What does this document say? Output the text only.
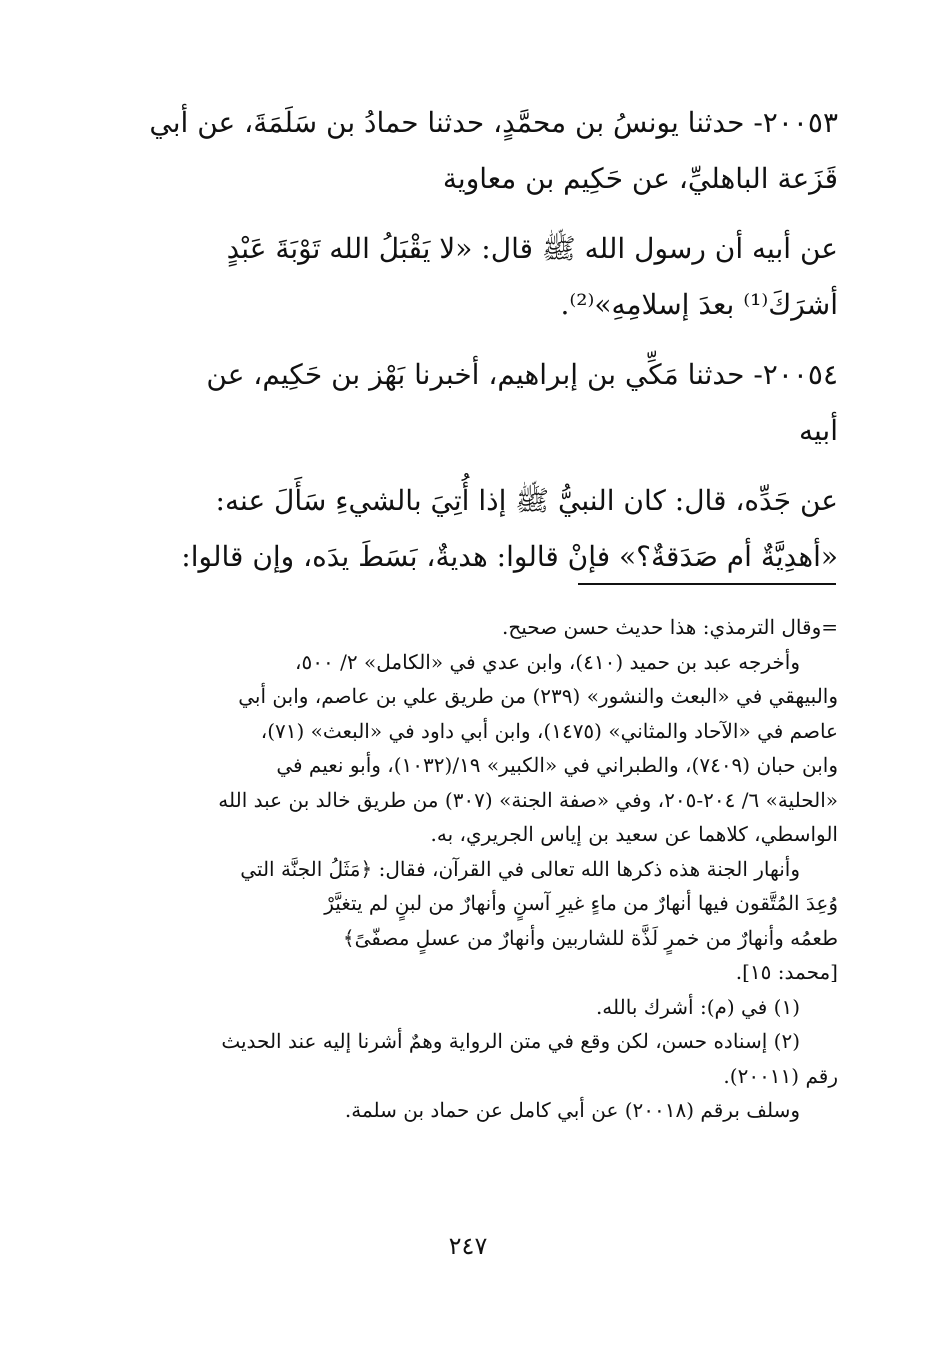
٢٠٠٥٣- حدثنا يونسُ بن محمَّدٍ، حدثنا حمادُ بن سَلَمَةَ، عن أبي

قَزَعة الباهليِّ، عن حَكِيم بن معاوية

عن أبيه أن رسول الله ﷺ قال: «لا يَقْبَلُ الله تَوْبَةَ عَبْدٍ

أشرَكَ⁽¹⁾ بعدَ إسلامِهِ»⁽²⁾.

٢٠٠٥٤- حدثنا مَكِّي بن إبراهيم، أخبرنا بَهْز بن حَكِيم، عن

أبيه

عن جَدِّه، قال: كان النبيُّ ﷺ إذا أُتِيَ بالشيءِ سَأَلَ عنه:

«أهدِيَّةٌ أم صَدَقةٌ؟» فإنْ قالوا: هديةٌ، بَسَطَ يدَه، وإن قالوا:

=وقال الترمذي: هذا حديث حسن صحيح.

وأخرجه عبد بن حميد (٤١٠)، وابن عدي في «الكامل» ٢/ ٥٠٠،

والبيهقي في «البعث والنشور» (٢٣٩) من طريق علي بن عاصم، وابن أبي

عاصم في «الآحاد والمثاني» (١٤٧٥)، وابن أبي داود في «البعث» (٧١)،

وابن حبان (٧٤٠٩)، والطبراني في «الكبير» ١٩/(١٠٣٢)، وأبو نعيم في

«الحلية» ٦/ ٢٠٤-٢٠٥، وفي «صفة الجنة» (٣٠٧) من طريق خالد بن عبد الله

الواسطي، كلاهما عن سعيد بن إياس الجريري، به.

وأنهار الجنة هذه ذكرها الله تعالى في القرآن، فقال: ﴿مَثَلُ الجنَّة التي

وُعِدَ المُتَّقون فيها أنهارٌ من ماءٍ غيرِ آسنٍ وأنهارٌ من لبنٍ لم يتغيَّرْ

طعمُه وأنهارٌ من خمرٍ لَذَّة للشاربين وأنهارٌ من عسلٍ مصفّىً﴾

[محمد: ١٥].

(١) في (م): أشرك بالله.

(٢) إسناده حسن، لكن وقع في متن الرواية وهمٌ أشرنا إليه عند الحديث

رقم (٢٠٠١١).

وسلف برقم (٢٠٠١٨) عن أبي كامل عن حماد بن سلمة.

٢٤٧
